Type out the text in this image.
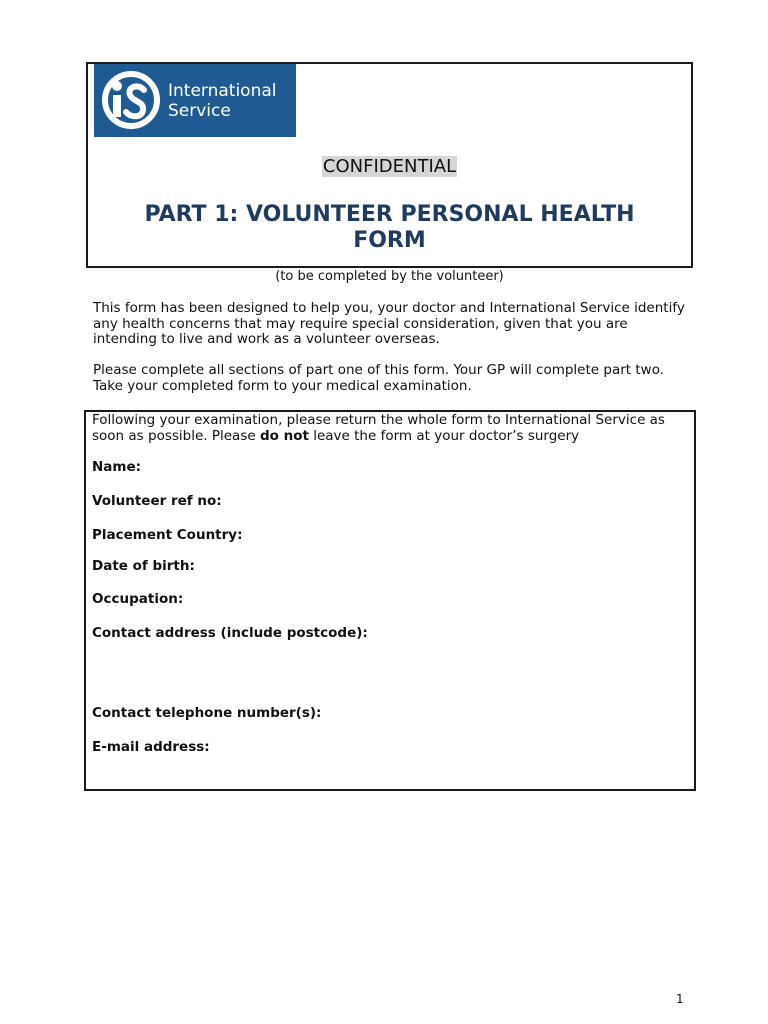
International
Service
CONFIDENTIAL
PART 1: VOLUNTEER PERSONAL HEALTH FORM
(to be completed by the volunteer)
This form has been designed to help you, your doctor and International Service identify any health concerns that may require special consideration, given that you are intending to live and work as a volunteer overseas.
Please complete all sections of part one of this form. Your GP will complete part two. Take your completed form to your medical examination.
Following your examination, please return the whole form to International Service as soon as possible. Please do not leave the form at your doctor’s surgery
Name:
Volunteer ref no:
Placement Country:
Date of birth:
Occupation:
Contact address (include postcode):
Contact telephone number(s):
E-mail address:
1
